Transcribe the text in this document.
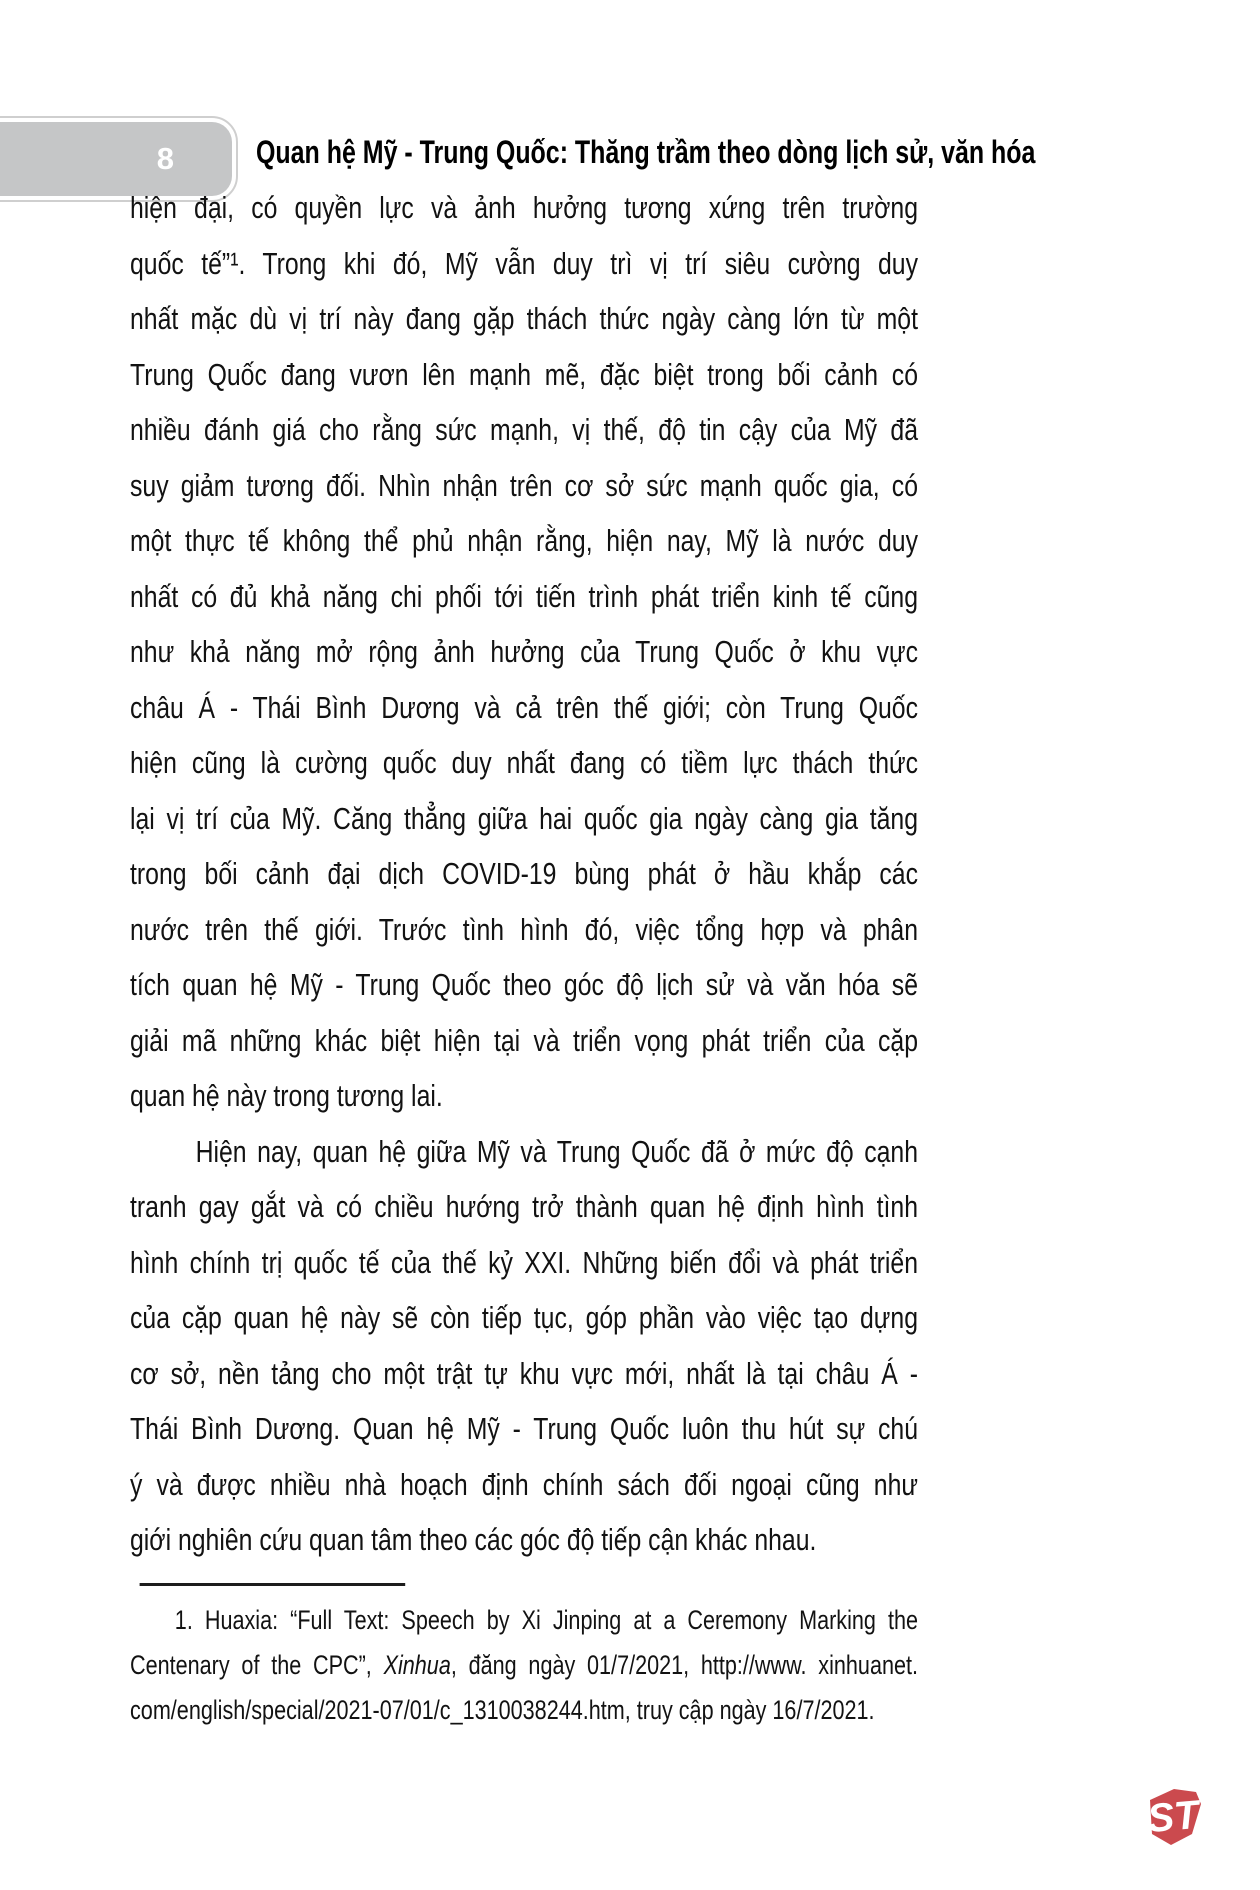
8	Quan hệ Mỹ - Trung Quốc: Thăng trầm theo dòng lịch sử, văn hóa
hiện đại, có quyền lực và ảnh hưởng tương xứng trên trường
quốc tế”¹. Trong khi đó, Mỹ vẫn duy trì vị trí siêu cường duy
nhất mặc dù vị trí này đang gặp thách thức ngày càng lớn từ một
Trung Quốc đang vươn lên mạnh mẽ, đặc biệt trong bối cảnh có
nhiều đánh giá cho rằng sức mạnh, vị thế, độ tin cậy của Mỹ đã
suy giảm tương đối. Nhìn nhận trên cơ sở sức mạnh quốc gia, có
một thực tế không thể phủ nhận rằng, hiện nay, Mỹ là nước duy
nhất có đủ khả năng chi phối tới tiến trình phát triển kinh tế cũng
như khả năng mở rộng ảnh hưởng của Trung Quốc ở khu vực
châu Á - Thái Bình Dương và cả trên thế giới; còn Trung Quốc
hiện cũng là cường quốc duy nhất đang có tiềm lực thách thức
lại vị trí của Mỹ. Căng thẳng giữa hai quốc gia ngày càng gia tăng
trong bối cảnh đại dịch COVID-19 bùng phát ở hầu khắp các
nước trên thế giới. Trước tình hình đó, việc tổng hợp và phân
tích quan hệ Mỹ - Trung Quốc theo góc độ lịch sử và văn hóa sẽ
giải mã những khác biệt hiện tại và triển vọng phát triển của cặp
quan hệ này trong tương lai.
Hiện nay, quan hệ giữa Mỹ và Trung Quốc đã ở mức độ cạnh
tranh gay gắt và có chiều hướng trở thành quan hệ định hình tình
hình chính trị quốc tế của thế kỷ XXI. Những biến đổi và phát triển
của cặp quan hệ này sẽ còn tiếp tục, góp phần vào việc tạo dựng
cơ sở, nền tảng cho một trật tự khu vực mới, nhất là tại châu Á -
Thái Bình Dương. Quan hệ Mỹ - Trung Quốc luôn thu hút sự chú
ý và được nhiều nhà hoạch định chính sách đối ngoại cũng như
giới nghiên cứu quan tâm theo các góc độ tiếp cận khác nhau.
1. Huaxia: “Full Text: Speech by Xi Jinping at a Ceremony Marking the
Centenary of the CPC”, Xinhua, đăng ngày 01/7/2021, http://www. xinhuanet.
com/english/special/2021-07/01/c_1310038244.htm, truy cập ngày 16/7/2021.
ST
